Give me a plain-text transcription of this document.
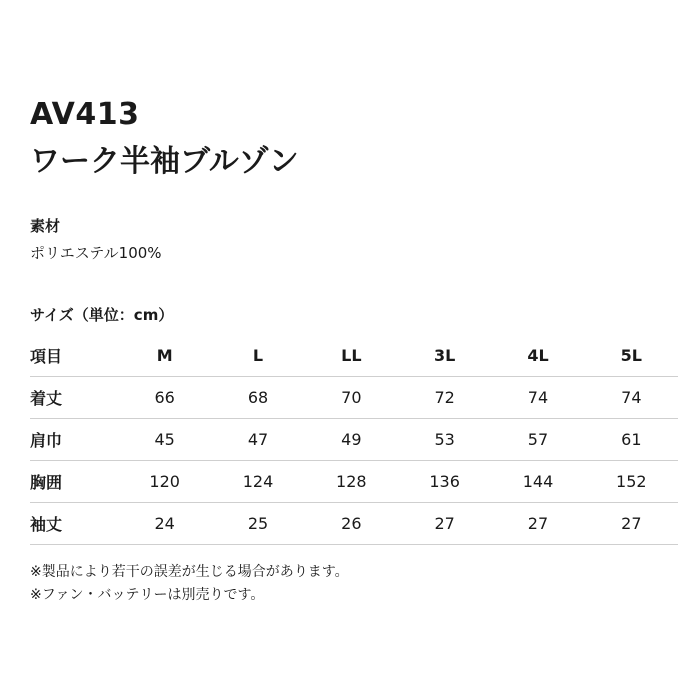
AV413
ワーク半袖ブルゾン
素材
ポリエステル100%
サイズ（単位：cm）
項目	M	L	LL	3L	4L	5L
着丈	66	68	70	72	74	74
肩巾	45	47	49	53	57	61
胸囲	120	124	128	136	144	152
袖丈	24	25	26	27	27	27
※製品により若干の誤差が生じる場合があります。
※ファン・バッテリーは別売りです。
